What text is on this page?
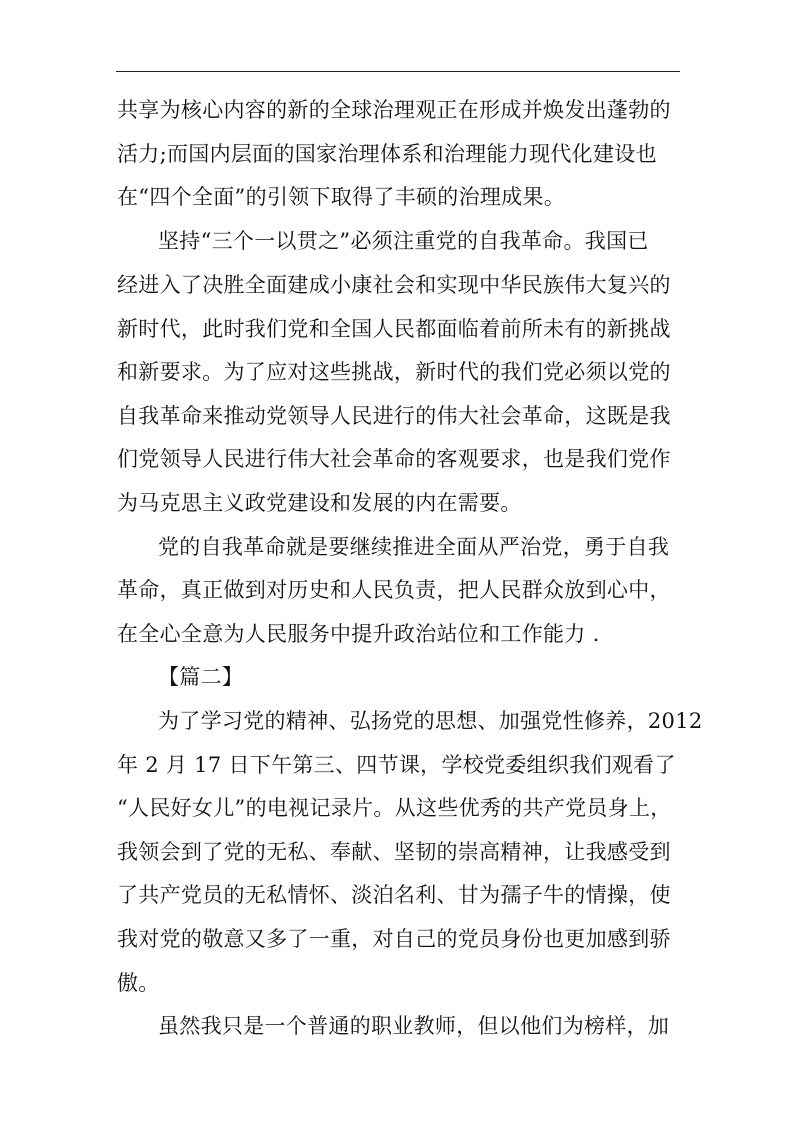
共享为核心内容的新的全球治理观正在形成并焕发出蓬勃的

活力;而国内层面的国家治理体系和治理能力现代化建设也

在“四个全面”的引领下取得了丰硕的治理成果。

坚持“三个一以贯之”必须注重党的自我革命。我国已

经进入了决胜全面建成小康社会和实现中华民族伟大复兴的

新时代，此时我们党和全国人民都面临着前所未有的新挑战

和新要求。为了应对这些挑战，新时代的我们党必须以党的

自我革命来推动党领导人民进行的伟大社会革命，这既是我

们党领导人民进行伟大社会革命的客观要求，也是我们党作

为马克思主义政党建设和发展的内在需要。

党的自我革命就是要继续推进全面从严治党，勇于自我

革命，真正做到对历史和人民负责，把人民群众放到心中，

在全心全意为人民服务中提升政治站位和工作能力 .

【篇二】

为了学习党的精神、弘扬党的思想、加强党性修养，2012

年 2 月 17 日下午第三、四节课，学校党委组织我们观看了

“人民好女儿”的电视记录片。从这些优秀的共产党员身上，

我领会到了党的无私、奉献、坚韧的崇高精神，让我感受到

了共产党员的无私情怀、淡泊名利、甘为孺子牛的情操，使

我对党的敬意又多了一重，对自己的党员身份也更加感到骄

傲。

虽然我只是一个普通的职业教师，但以他们为榜样，加
